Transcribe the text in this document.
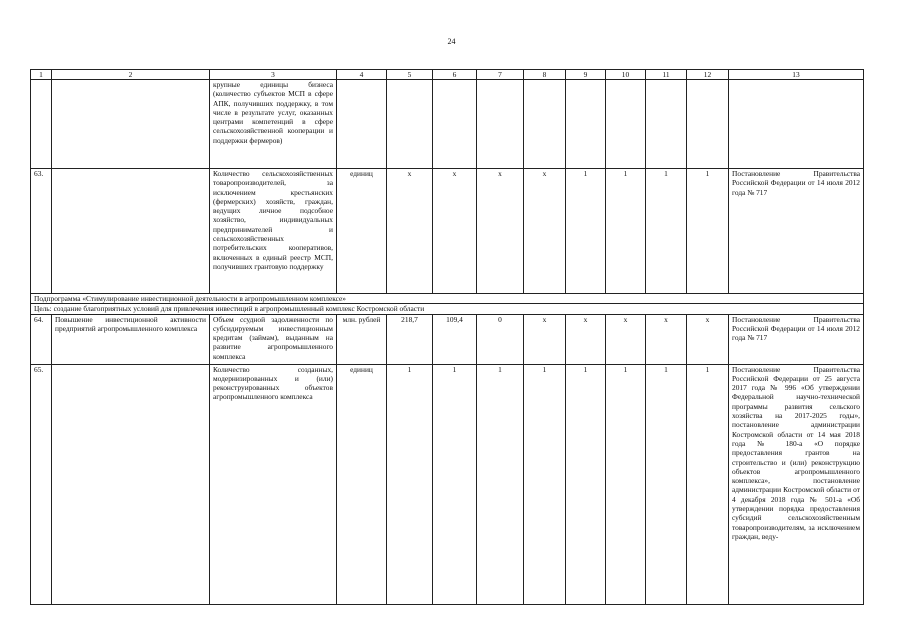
24
1	2	3	4	5	6	7	8	9	10	11	12	13
		крупные единицы бизнеса (количество субъектов МСП в сфере АПК, получивших поддержку, в том числе в результате услуг, оказанных центрами компетенций в сфере сельскохозяйственной кооперации и поддержки фермеров)										
63.		Количество сельскохозяйственных товаропроизводителей, за исключением крестьянских (фермерских) хозяйств, граждан, ведущих личное подсобное хозяйство, индивидуальных предпринимателей и сельскохозяйственных потребительских кооперативов, включенных в единый реестр МСП, получивших грантовую поддержку	единиц	х	х	х	х	1	1	1	1	Постановление Правительства Российской Федерации от 14 июля 2012 года № 717
Подпрограмма «Стимулирование инвестиционной деятельности в агропромышленном комплексе»												
Цель: создание благоприятных условий для привлечения инвестиций в агропромышленный комплекс Костромской области												
64.	Повышение инвестиционной активности предприятий агропромышленного комплекса	Объем ссудной задолженности по субсидируемым инвестиционным кредитам (займам), выданным на развитие агропромышленного комплекса	млн. рублей	218,7	109,4	0	х	х	х	х	х	Постановление Правительства Российской Федерации от 14 июля 2012 года № 717
65.		Количество созданных, модернизированных и (или) реконструированных объектов агропромышленного комплекса	единиц	1	1	1	1	1	1	1	1	Постановление Правительства Российской Федерации от 25 августа 2017 года № 996 «Об утверждении Федеральной научно-технической программы развития сельского хозяйства на 2017-2025 годы», постановление администрации Костромской области от 14 мая 2018 года № 180-а «О порядке предоставления грантов на строительство и (или) реконструкцию объектов агропромышленного комплекса», постановление администрации Костромской области от 4 декабря 2018 года № 501-а «Об утверждении порядка предоставления субсидий сельскохозяйственным товаропроизводителям, за исключением граждан, веду-
